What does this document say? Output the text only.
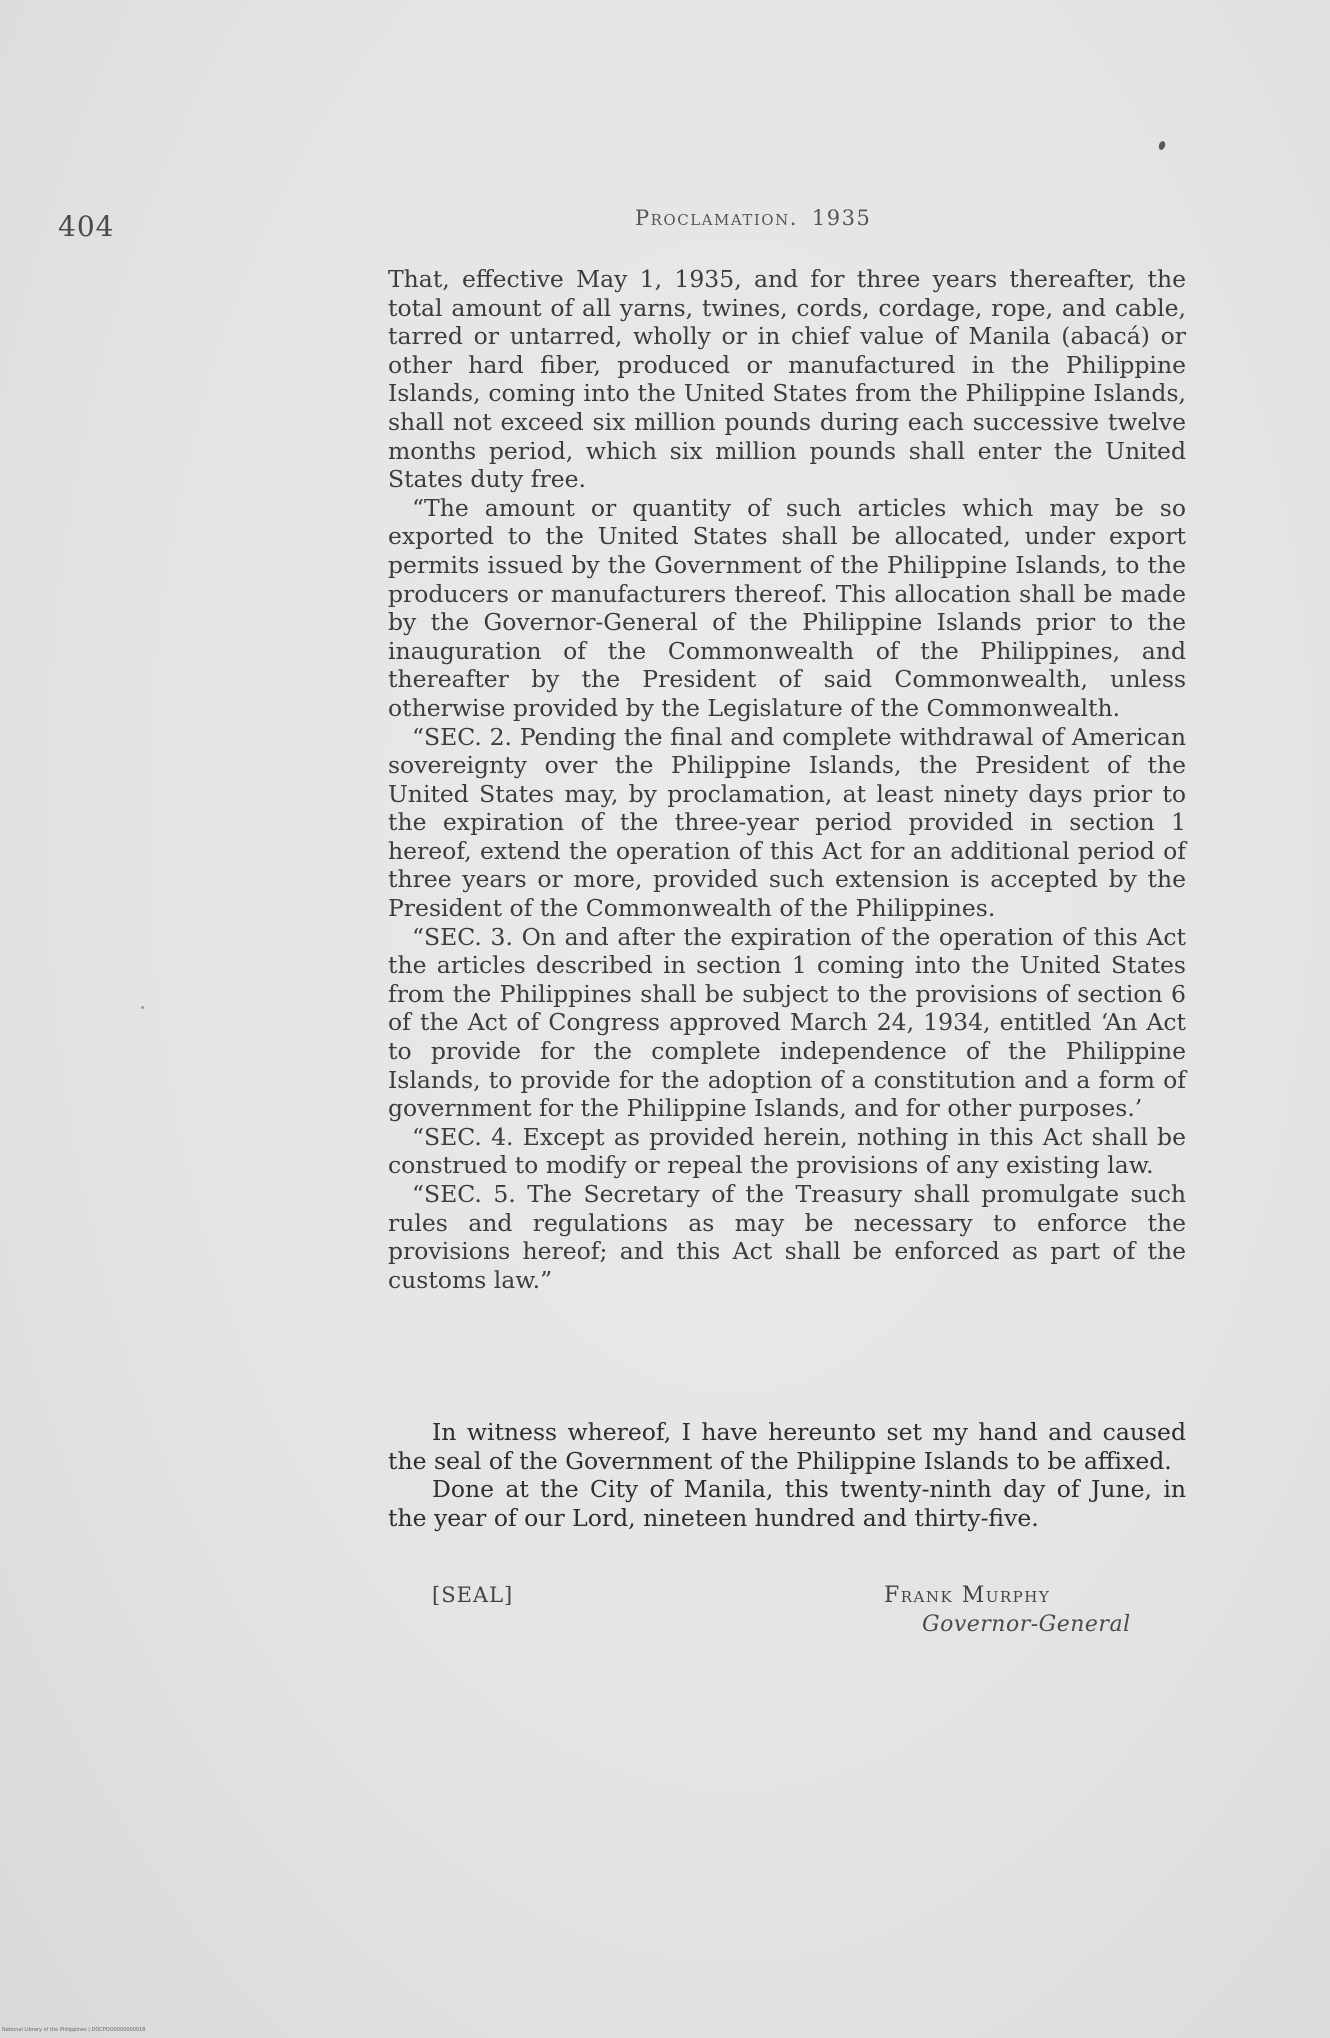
404	Proclamation. 1935

That, effective May 1, 1935, and for three years thereafter, the total amount of all yarns, twines, cords, cordage, rope, and cable, tarred or untarred, wholly or in chief value of Manila (abacá) or other hard fiber, produced or manufactured in the Philippine Islands, coming into the United States from the Philippine Islands, shall not exceed six million pounds during each successive twelve months period, which six million pounds shall enter the United States duty free.

“The amount or quantity of such articles which may be so exported to the United States shall be allocated, under export permits issued by the Government of the Philippine Islands, to the producers or manufacturers thereof. This allocation shall be made by the Governor-General of the Philippine Islands prior to the inauguration of the Commonwealth of the Philippines, and thereafter by the President of said Commonwealth, unless otherwise provided by the Legislature of the Commonwealth.

“SEC. 2. Pending the final and complete withdrawal of American sovereignty over the Philippine Islands, the President of the United States may, by proclamation, at least ninety days prior to the expiration of the three-year period provided in section 1 hereof, extend the operation of this Act for an additional period of three years or more, provided such extension is accepted by the President of the Commonwealth of the Philippines.

“SEC. 3. On and after the expiration of the operation of this Act the articles described in section 1 coming into the United States from the Philippines shall be subject to the provisions of section 6 of the Act of Congress approved March 24, 1934, entitled ‘An Act to provide for the complete independence of the Philippine Islands, to provide for the adoption of a constitution and a form of government for the Philippine Islands, and for other purposes.’

“SEC. 4. Except as provided herein, nothing in this Act shall be construed to modify or repeal the provisions of any existing law.

“SEC. 5. The Secretary of the Treasury shall promulgate such rules and regulations as may be necessary to enforce the provisions hereof; and this Act shall be enforced as part of the customs law.”

In witness whereof, I have hereunto set my hand and caused the seal of the Government of the Philippine Islands to be affixed.

Done at the City of Manila, this twenty-ninth day of June, in the year of our Lord, nineteen hundred and thirty-five.

[SEAL]	Frank Murphy
Governor-General
National Library of the Philippines | DOCPOO0000000018
